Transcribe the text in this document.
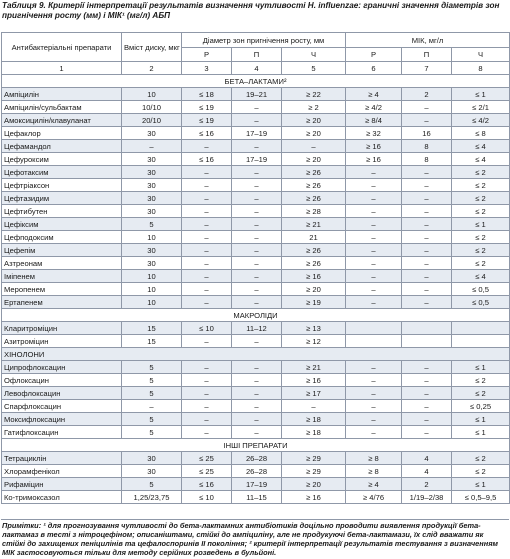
Таблиця 9. Критерії інтерпретації результатів визначення чутливості H. influenzae: граничні значення діаметрів зон пригнічення росту (мм) і МІК¹ (мг/л) АБП
Антибактеріальні препарати	Вміст диску, мкг	Діаметр зон пригнічення росту, мм			МІК, мг/л		
		Р	П	Ч	Р	П	Ч
1	2	3	4	5	6	7	8
БЕТА–ЛАКТАМИ²							
Ампіцилін	10	≤ 18	19–21	≥ 22	≥ 4	2	≤ 1
Ампіцилін/сульбактам	10/10	≤ 19	–	≥ 2	≥ 4/2	–	≤ 2/1
Амоксицилін/клавуланат	20/10	≤ 19	–	≥ 20	≥ 8/4	–	≤ 4/2
Цефаклор	30	≤ 16	17–19	≥ 20	≥ 32	16	≤ 8
Цефамандол	–	–	–	–	≥ 16	8	≤ 4
Цефуроксим	30	≤ 16	17–19	≥ 20	≥ 16	8	≤ 4
Цефотаксим	30	–	–	≥ 26	–	–	≤ 2
Цефтріаксон	30	–	–	≥ 26	–	–	≤ 2
Цефтазидим	30	–	–	≥ 26	–	–	≤ 2
Цефтибутен	30	–	–	≥ 28	–	–	≤ 2
Цефіксим	5	–	–	≥ 21	–	–	≤ 1
Цефподоксим	10	–	–	21	–	–	≤ 2
Цефепім	30	–	–	≥ 26	–	–	≤ 2
Азтреонам	30	–	–	≥ 26	–	–	≤ 2
Іміпенем	10	–	–	≥ 16	–	–	≤ 4
Меропенем	10	–	–	≥ 20	–	–	≤ 0,5
Ертапенем	10	–	–	≥ 19	–	–	≤ 0,5
МАКРОЛІДИ							
Кларитроміцин	15	≤ 10	11–12	≥ 13			
Азитроміцин	15	–	–	≥ 12			
ХІНОЛОНИ							
Ципрофлоксацин	5	–	–	≥ 21	–	–	≤ 1
Офлоксацин	5	–	–	≥ 16	–	–	≤ 2
Левофлоксацин	5	–	–	≥ 17	–	–	≤ 2
Спарфлоксацин	–	–	–	–	–	–	≤ 0,25
Моксифлоксацин	5	–	–	≥ 18	–	–	≤ 1
Гатифлоксацин	5	–	–	≥ 18	–	–	≤ 1
ІНШІ ПРЕПАРАТИ							
Тетрациклін	30	≤ 25	26–28	≥ 29	≥ 8	4	≤ 2
Хлорамфенікол	30	≤ 25	26–28	≥ 29	≥ 8	4	≤ 2
Рифаміцин	5	≤ 16	17–19	≥ 20	≥ 4	2	≤ 1
Ко-тримоксазол	1,25/23,75	≤ 10	11–15	≥ 16	≥ 4/76	1/19–2/38	≤ 0,5–9,5
Примітки: ¹ для прогнозування чутливості до бета-лактамних антибіотиків доцільно проводити виявлення продукції бета-лактамаз в тесті з нітроцефіном; описаніштами, стійкі до ампіциліну, але не продукуючі бета-лактамази, їх слід вважати як стійкі до захищених пеніцилінів та цефалоспоринів II покоління; ² критерії інтерпретації результатів тестування з визначенням МІК застосовуються тільки для методу серійних розведень в бульйоні.
